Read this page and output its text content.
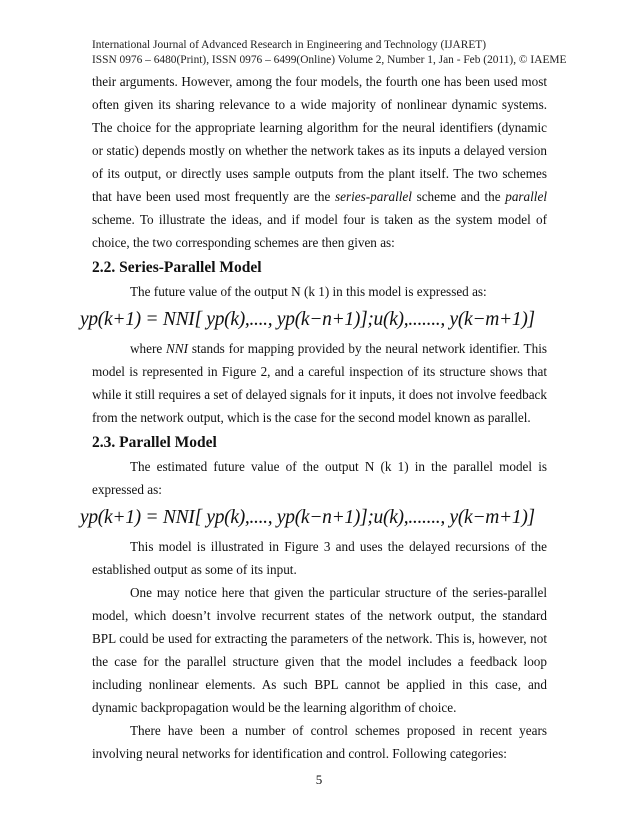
International Journal of Advanced Research in Engineering and Technology (IJARET)
ISSN 0976 – 6480(Print), ISSN 0976 – 6499(Online) Volume 2, Number 1, Jan - Feb (2011), © IAEME

their arguments. However, among the four models, the fourth one has been used most often given its sharing relevance to a wide majority of nonlinear dynamic systems. The choice for the appropriate learning algorithm for the neural identifiers (dynamic or static) depends mostly on whether the network takes as its inputs a delayed version of its output, or directly uses sample outputs from the plant itself. The two schemes that have been used most frequently are the series-parallel scheme and the parallel scheme. To illustrate the ideas, and if model four is taken as the system model of choice, the two corresponding schemes are then given as:

2.2. Series-Parallel Model

The future value of the output N (k 1) in this model is expressed as:

yp(k+1) = NNI[ yp(k),...., yp(k−n+1)];u(k),......., y(k−m+1)]

where NNI stands for mapping provided by the neural network identifier. This model is represented in Figure 2, and a careful inspection of its structure shows that while it still requires a set of delayed signals for it inputs, it does not involve feedback from the network output, which is the case for the second model known as parallel.

2.3. Parallel Model

The estimated future value of the output N (k 1) in the parallel model is expressed as:

yp(k+1) = NNI[ yp(k),...., yp(k−n+1)];u(k),......., y(k−m+1)]

This model is illustrated in Figure 3 and uses the delayed recursions of the established output as some of its input.

One may notice here that given the particular structure of the series-parallel model, which doesn’t involve recurrent states of the network output, the standard BPL could be used for extracting the parameters of the network. This is, however, not the case for the parallel structure given that the model includes a feedback loop including nonlinear elements. As such BPL cannot be applied in this case, and dynamic backpropagation would be the learning algorithm of choice.

There have been a number of control schemes proposed in recent years involving neural networks for identification and control. Following categories:

5
